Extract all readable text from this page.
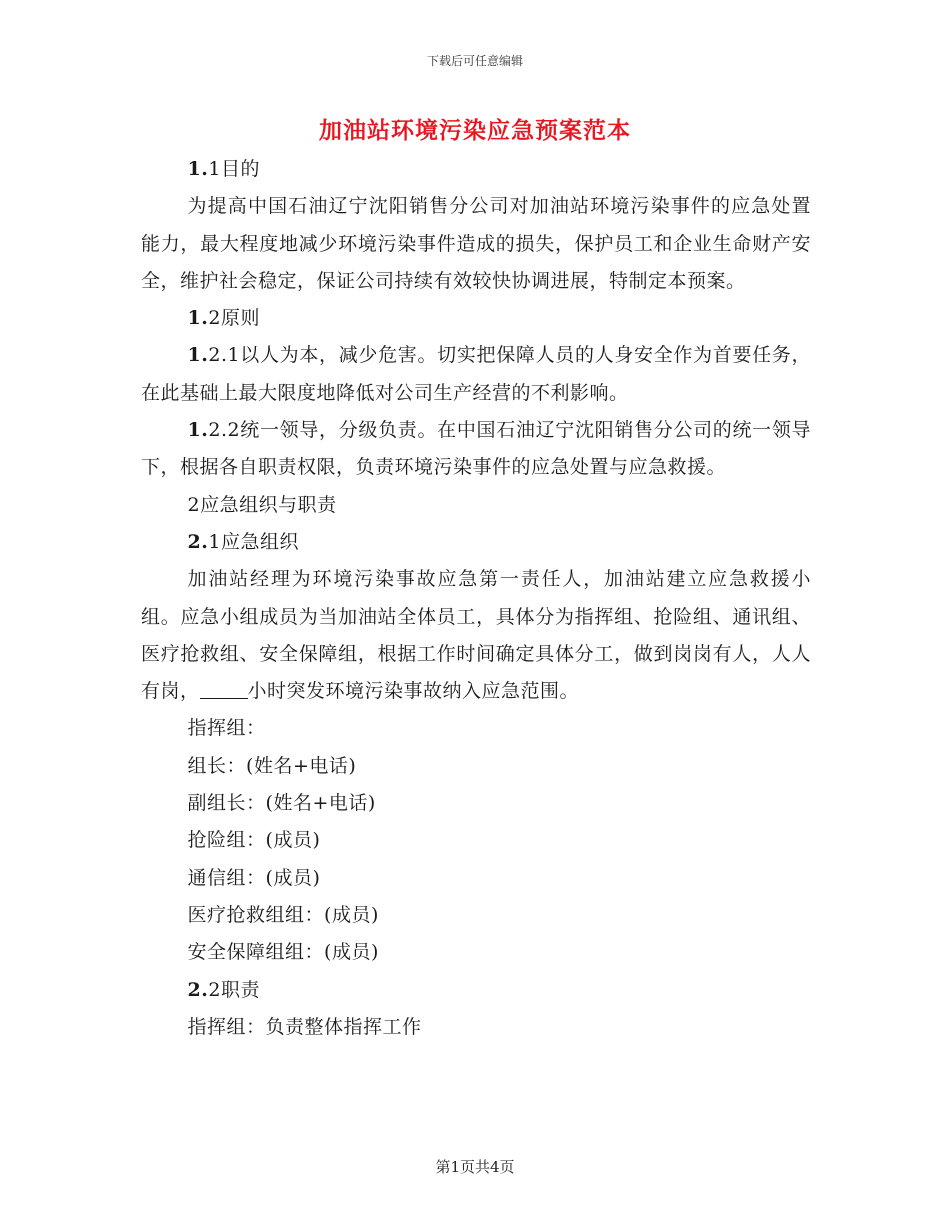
下载后可任意编辑
加油站环境污染应急预案范本

1.1目的

为提高中国石油辽宁沈阳销售分公司对加油站环境污染事件的应急处置能力，最大程度地减少环境污染事件造成的损失，保护员工和企业生命财产安全，维护社会稳定，保证公司持续有效较快协调进展，特制定本预案。

1.2原则

1.2.1以人为本，减少危害。切实把保障人员的人身安全作为首要任务，在此基础上最大限度地降低对公司生产经营的不利影响。

1.2.2统一领导，分级负责。在中国石油辽宁沈阳销售分公司的统一领导下，根据各自职责权限，负责环境污染事件的应急处置与应急救援。

2应急组织与职责

2.1应急组织

加油站经理为环境污染事故应急第一责任人，加油站建立应急救援小组。应急小组成员为当加油站全体员工，具体分为指挥组、抢险组、通讯组、医疗抢救组、安全保障组，根据工作时间确定具体分工，做到岗岗有人，人人有岗，	小时突发环境污染事故纳入应急范围。

指挥组：

组长：(姓名+电话)

副组长：(姓名+电话)

抢险组：(成员)

通信组：(成员)

医疗抢救组组：(成员)

安全保障组组：(成员)

2.2职责

指挥组：负责整体指挥工作

第1页共4页
